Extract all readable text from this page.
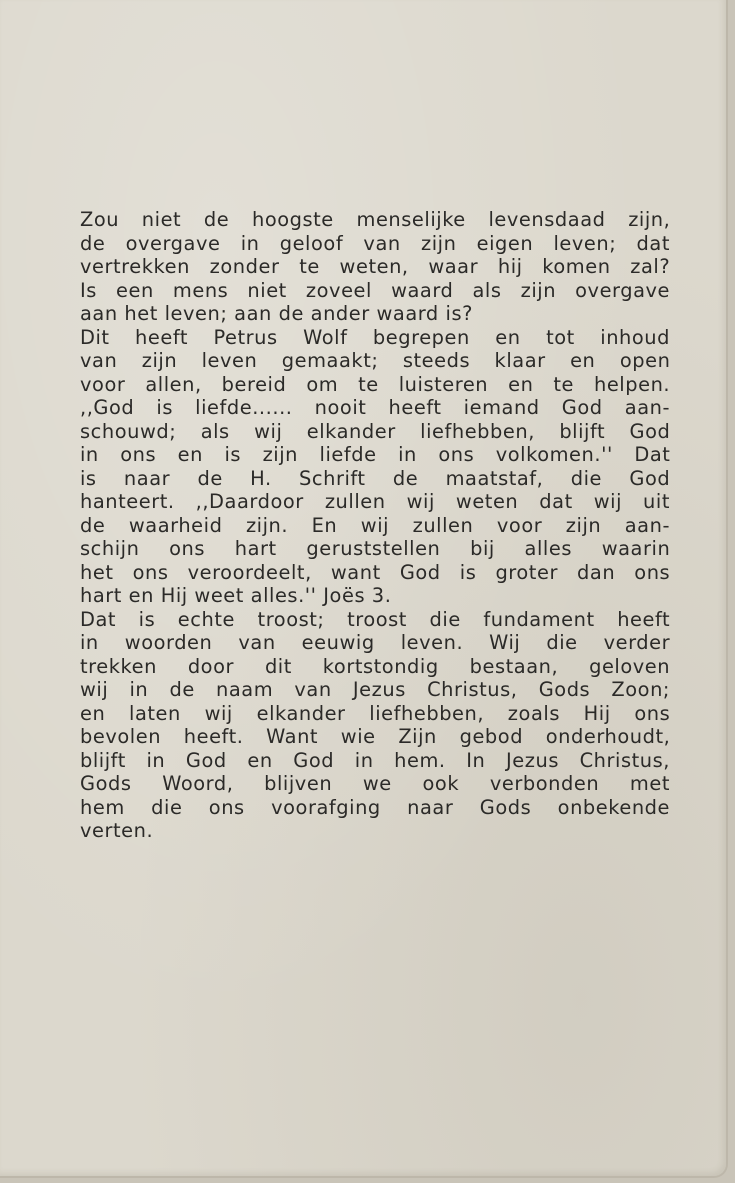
Zou niet de hoogste menselijke levensdaad zijn,
de overgave in geloof van zijn eigen leven; dat
vertrekken zonder te weten, waar hij komen zal?
Is een mens niet zoveel waard als zijn overgave
aan het leven; aan de ander waard is?
Dit heeft Petrus Wolf begrepen en tot inhoud
van zijn leven gemaakt; steeds klaar en open
voor allen, bereid om te luisteren en te helpen.
,,God is liefde...... nooit heeft iemand God aan-
schouwd; als wij elkander liefhebben, blijft God
in ons en is zijn liefde in ons volkomen.'' Dat
is naar de H. Schrift de maatstaf, die God
hanteert. ,,Daardoor zullen wij weten dat wij uit
de waarheid zijn. En wij zullen voor zijn aan-
schijn ons hart geruststellen bij alles waarin
het ons veroordeelt, want God is groter dan ons
hart en Hij weet alles.'' Joës 3.
Dat is echte troost; troost die fundament heeft
in woorden van eeuwig leven. Wij die verder
trekken door dit kortstondig bestaan, geloven
wij in de naam van Jezus Christus, Gods Zoon;
en laten wij elkander liefhebben, zoals Hij ons
bevolen heeft. Want wie Zijn gebod onderhoudt,
blijft in God en God in hem. In Jezus Christus,
Gods Woord, blijven we ook verbonden met
hem die ons voorafging naar Gods onbekende
verten.
